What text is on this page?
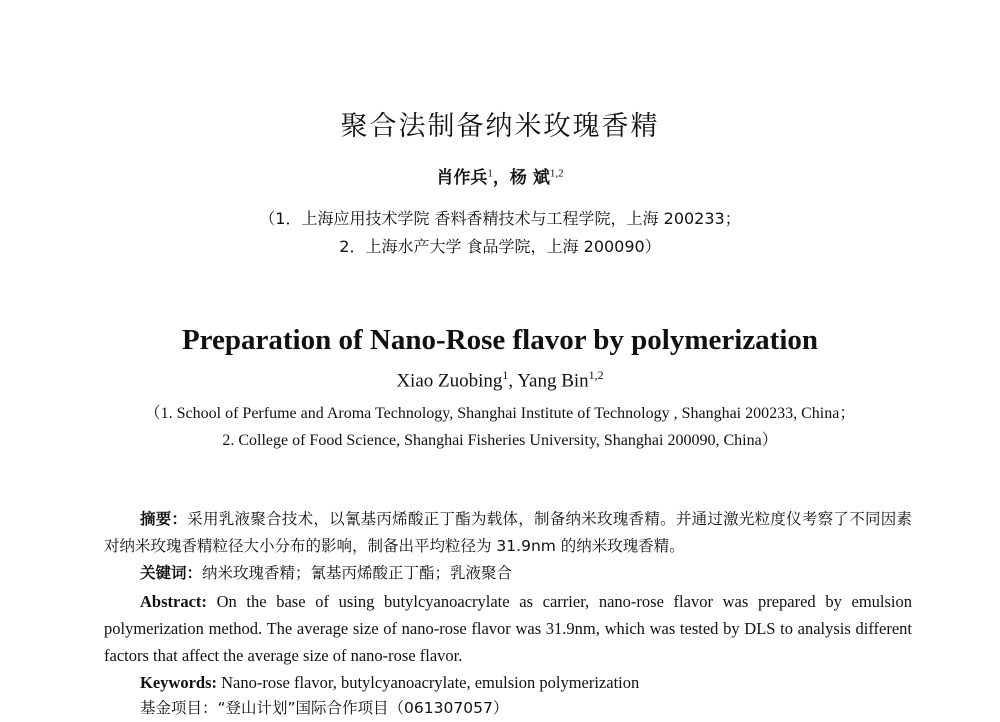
聚合法制备纳米玫瑰香精
肖作兵$^1$，杨 斌$^{1,2}$
（1．上海应用技术学院 香料香精技术与工程学院，上海 200233；
2．上海水产大学 食品学院，上海 200090）
Preparation of Nano-Rose flavor by polymerization
Xiao Zuobing$^1$, Yang Bin$^{1,2}$
（1. School of Perfume and Aroma Technology, Shanghai Institute of Technology , Shanghai 200233, China；
2. College of Food Science, Shanghai Fisheries University, Shanghai 200090, China）
摘要：采用乳液聚合技术，以氰基丙烯酸正丁酯为载体，制备纳米玫瑰香精。并通过激光粒度仪考察了不同因素对纳米玫瑰香精粒径大小分布的影响，制备出平均粒径为 31.9nm 的纳米玫瑰香精。
关键词：纳米玫瑰香精；氰基丙烯酸正丁酯；乳液聚合
Abstract: On the base of using butylcyanoacrylate as carrier, nano-rose flavor was prepared by emulsion polymerization method. The average size of nano-rose flavor was 31.9nm, which was tested by DLS to analysis different factors that affect the average size of nano-rose flavor.
Keywords: Nano-rose flavor, butylcyanoacrylate, emulsion polymerization
基金项目：“登山计划”国际合作项目（061307057）
